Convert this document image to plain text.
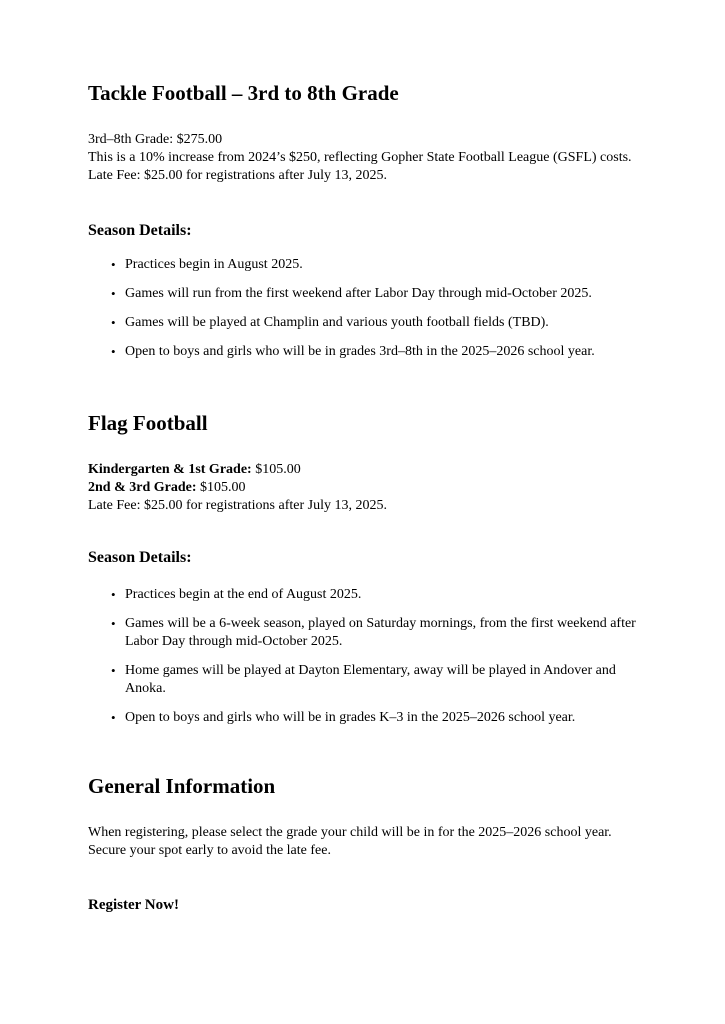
Tackle Football – 3rd to 8th Grade
3rd–8th Grade: $275.00
This is a 10% increase from 2024’s $250, reflecting Gopher State Football League (GSFL) costs.
Late Fee: $25.00 for registrations after July 13, 2025.
Season Details:
• Practices begin in August 2025.
• Games will run from the first weekend after Labor Day through mid-October 2025.
• Games will be played at Champlin and various youth football fields (TBD).
• Open to boys and girls who will be in grades 3rd–8th in the 2025–2026 school year.
Flag Football
Kindergarten & 1st Grade: $105.00
2nd & 3rd Grade: $105.00
Late Fee: $25.00 for registrations after July 13, 2025.
Season Details:
• Practices begin at the end of August 2025.
• Games will be a 6-week season, played on Saturday mornings, from the first weekend after Labor Day through mid-October 2025.
• Home games will be played at Dayton Elementary, away will be played in Andover and Anoka.
• Open to boys and girls who will be in grades K–3 in the 2025–2026 school year.
General Information

When registering, please select the grade your child will be in for the 2025–2026 school year. Secure your spot early to avoid the late fee.

Register Now!
